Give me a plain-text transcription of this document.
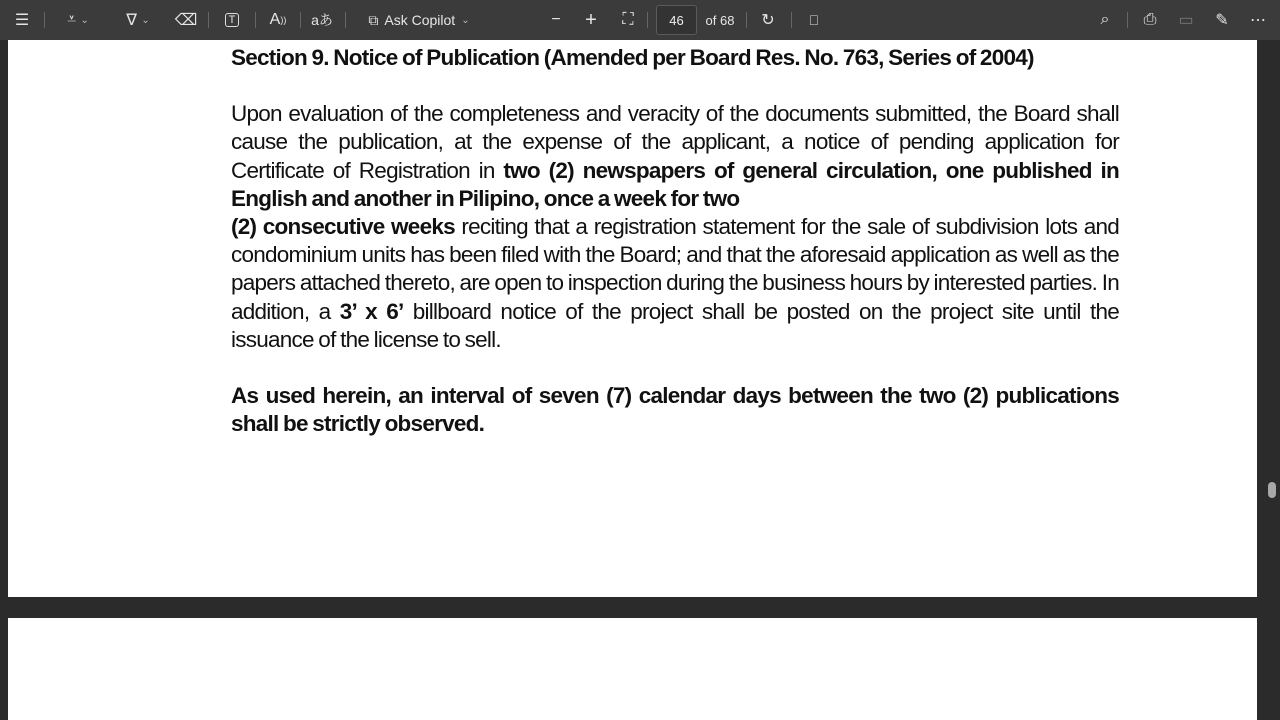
☰	⩡
⌄ ∇
⌄ ⌫	T A )) aあ	⧉ Ask Copilot ⌄	−	+	⛶	46	of 68	↻	⎕	⌕	⎙	▭	✎	⋯
Section 9. Notice of Publication (Amended per Board Res. No. 763, Series of 2004)

Upon evaluation of the completeness and veracity of the documents submitted, the Board shall cause the publication, at the expense of the applicant, a notice of pending application for Certificate of Registration in two (2) newspapers of general circulation, one published in English and another in Pilipino, once a week for two
(2) consecutive weeks reciting that a registration statement for the sale of subdivision lots and condominium units has been filed with the Board; and that the aforesaid application as well as the papers attached thereto, are open to inspection during the business hours by interested parties. In addition, a 3’ x 6’ billboard notice of the project shall be posted on the project site until the issuance of the license to sell.

As used herein, an interval of seven (7) calendar days between the two (2) publications shall be strictly observed.
